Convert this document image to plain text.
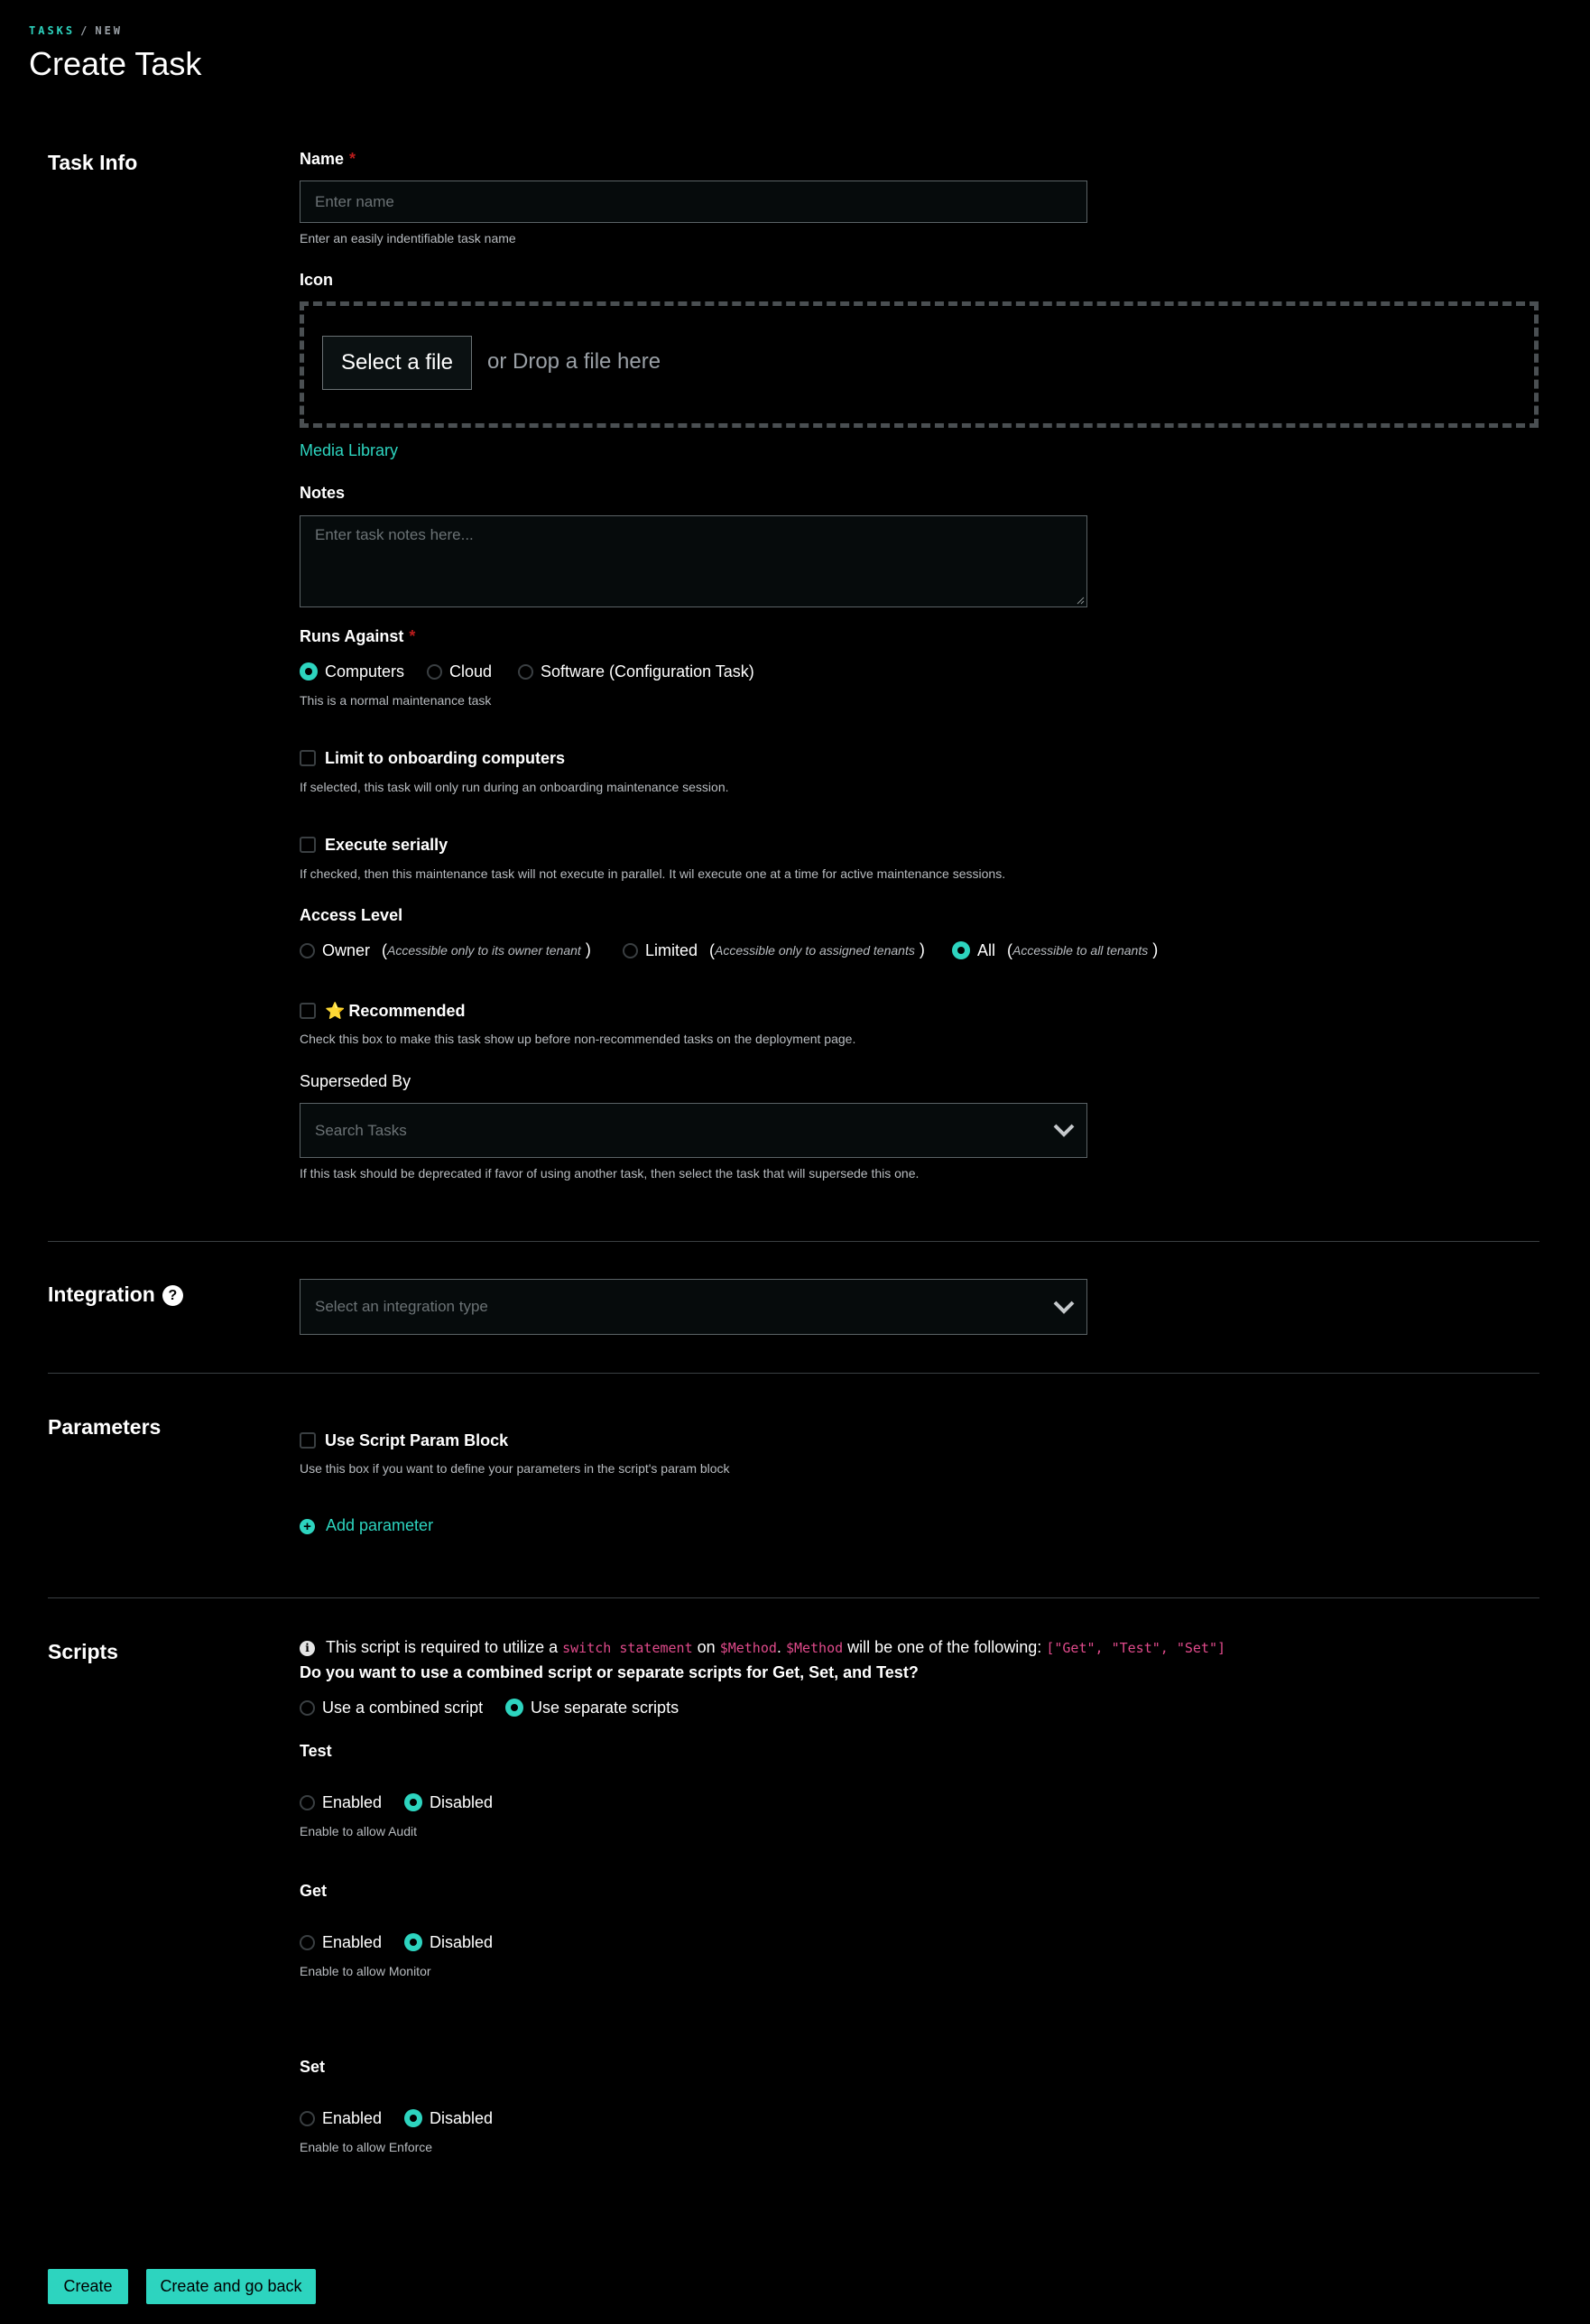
TASKS / NEW
Create Task
Task Info	Name *
Enter name
Enter an easily indentifiable task name
Icon
Select a file	or Drop a file here
Media Library
Notes
Enter task notes here...
Runs Against *
Computers	Cloud	Software (Configuration Task)
This is a normal maintenance task
Limit to onboarding computers
If selected, this task will only run during an onboarding maintenance session.
Execute serially
If checked, then this maintenance task will not execute in parallel. It wil execute one at a time for active maintenance sessions.
Access Level
Owner (Accessible only to its owner tenant )	Limited (Accessible only to assigned tenants )	All (Accessible to all tenants )
⭐ Recommended
Check this box to make this task show up before non-recommended tasks on the deployment page.
Superseded By
Search Tasks
If this task should be deprecated if favor of using another task, then select the task that will supersede this one.
Integration ?
Select an integration type
Parameters
Use Script Param Block
Use this box if you want to define your parameters in the script's param block
+ Add parameter
Scripts	i This script is required to utilize a switch statement on $Method. $Method will be one of the following: ["Get", "Test", "Set"]
Do you want to use a combined script or separate scripts for Get, Set, and Test?
Use a combined script	Use separate scripts
Test
Enabled	Disabled
Enable to allow Audit
Get
Enabled	Disabled
Enable to allow Monitor
Set
Enabled	Disabled
Enable to allow Enforce
Create	Create and go back
